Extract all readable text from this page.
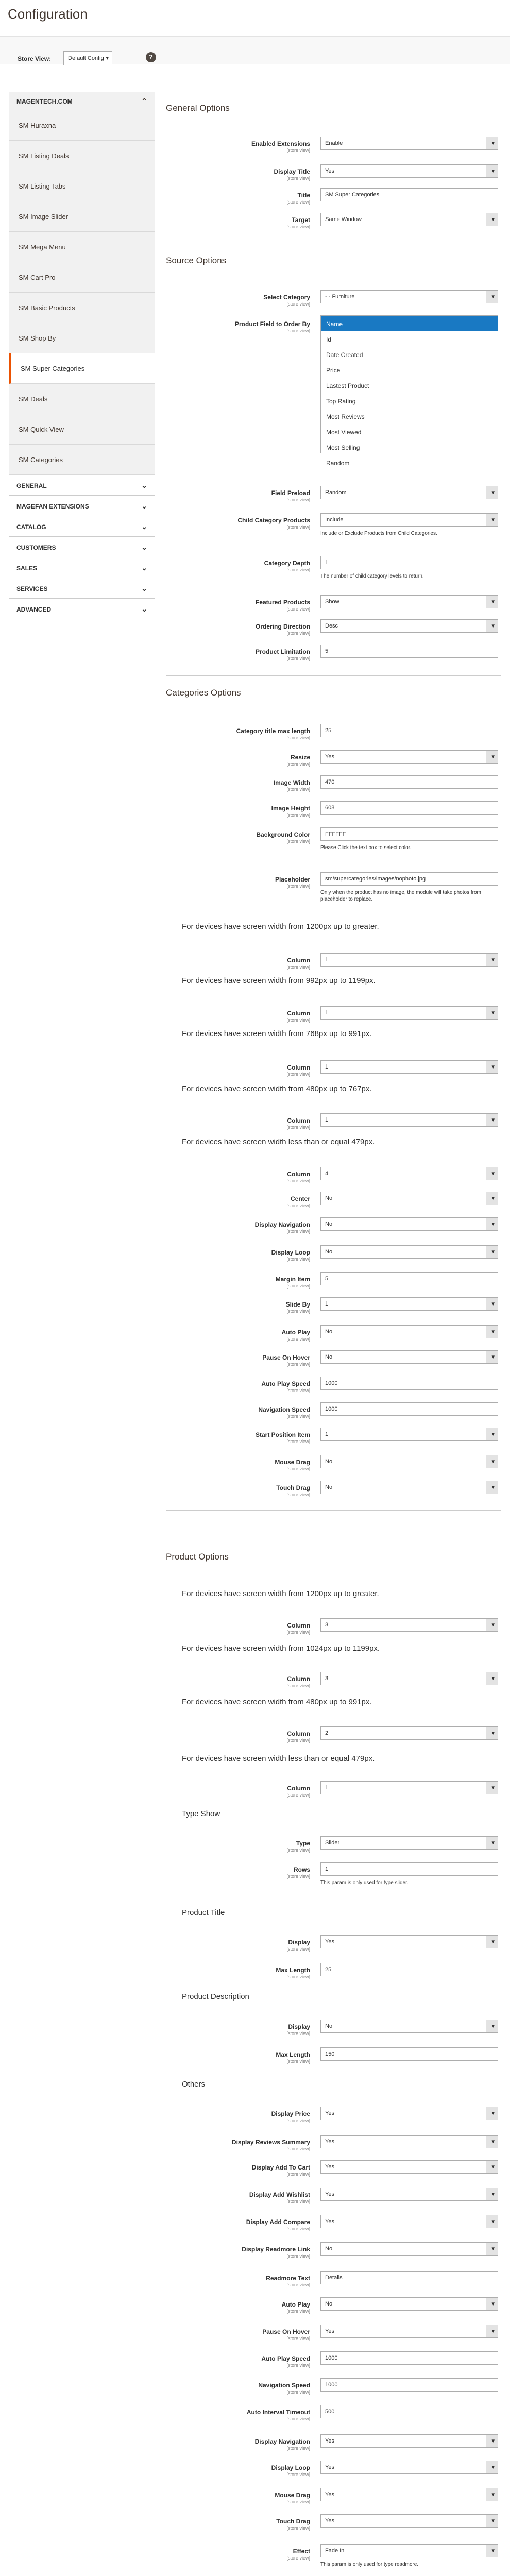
Configuration
Store View:	Default Config ▾	?
MAGENTECH.COM	⌃
SM Huraxna
SM Listing Deals
SM Listing Tabs
SM Image Slider
SM Mega Menu
SM Cart Pro
SM Basic Products
SM Shop By
SM Super Categories
SM Deals
SM Quick View
SM Categories
GENERAL	⌄
MAGEFAN EXTENSIONS	⌄
CATALOG	⌄
CUSTOMERS	⌄
SALES	⌄
SERVICES	⌄
ADVANCED	⌄
General Options
Enabled Extensions
[store view]
▾ Enable
Display Title
[store view]
▾ Yes
Title
[store view]
SM Super Categories
Target
[store view]
▾ Same Window
Source Options
Select Category
[store view]
▾ - - Furniture
Product Field to Order By
[store view]
Name
Id
Date Created
Price
Lastest Product
Top Rating
Most Reviews
Most Viewed
Most Selling
Random
Field Preload
[store view]
▾ Random
Child Category Products
[store view]
▾ Include
Include or Exclude Products from Child Categories.
Category Depth
[store view]
1
The number of child category levels to return.
Featured Products
[store view]
▾ Show
Ordering Direction
[store view]
▾ Desc
Product Limitation
[store view]
5
Categories Options
Category title max length
[store view]
25
Resize
[store view]
▾ Yes
Image Width
[store view]
470
Image Height
[store view]
608
Background Color
[store view]
FFFFFF
Please Click the text box to select color.
Placeholder
[store view]
sm/supercategories/images/nophoto.jpg
Only when the product has no image, the module will take photos from placeholder to replace.
For devices have screen width from 1200px up to greater.
Column
[store view]
▾ 1
For devices have screen width from 992px up to 1199px.
Column
[store view]
▾ 1
For devices have screen width from 768px up to 991px.
Column
[store view]
▾ 1
For devices have screen width from 480px up to 767px.
Column
[store view]
▾ 1
For devices have screen width less than or equal 479px.
Column
[store view]
▾ 4
Center
[store view]
▾ No
Display Navigation
[store view]
▾ No
Display Loop
[store view]
▾ No
Margin Item
[store view]
5
Slide By
[store view]
▾ 1
Auto Play
[store view]
▾ No
Pause On Hover
[store view]
▾ No
Auto Play Speed
[store view]
1000
Navigation Speed
[store view]
1000
Start Position Item
[store view]
▾ 1
Mouse Drag
[store view]
▾ No
Touch Drag
[store view]
▾ No
Product Options
For devices have screen width from 1200px up to greater.
Column
[store view]
▾ 3
For devices have screen width from 1024px up to 1199px.
Column
[store view]
▾ 3
For devices have screen width from 480px up to 991px.
Column
[store view]
▾ 2
For devices have screen width less than or equal 479px.
Column
[store view]
▾ 1
Type Show
Type
[store view]
▾ Slider
Rows
[store view]
1
This param is only used for type slider.
Product Title
Display
[store view]
▾ Yes
Max Length
[store view]
25
Product Description
Display
[store view]
▾ No
Max Length
[store view]
150
Others
Display Price
[store view]
▾ Yes
Display Reviews Summary
[store view]
▾ Yes
Display Add To Cart
[store view]
▾ Yes
Display Add Wishlist
[store view]
▾ Yes
Display Add Compare
[store view]
▾ Yes
Display Readmore Link
[store view]
▾ No
Readmore Text
[store view]
Details
Auto Play
[store view]
▾ No
Pause On Hover
[store view]
▾ Yes
Auto Play Speed
[store view]
1000
Navigation Speed
[store view]
1000
Auto Interval Timeout
[store view]
500
Display Navigation
[store view]
▾ Yes
Display Loop
[store view]
▾ Yes
Mouse Drag
[store view]
▾ Yes
Touch Drag
[store view]
▾ Yes
Effect
[store view]
▾ Fade In
This param is only used for type readmore.
